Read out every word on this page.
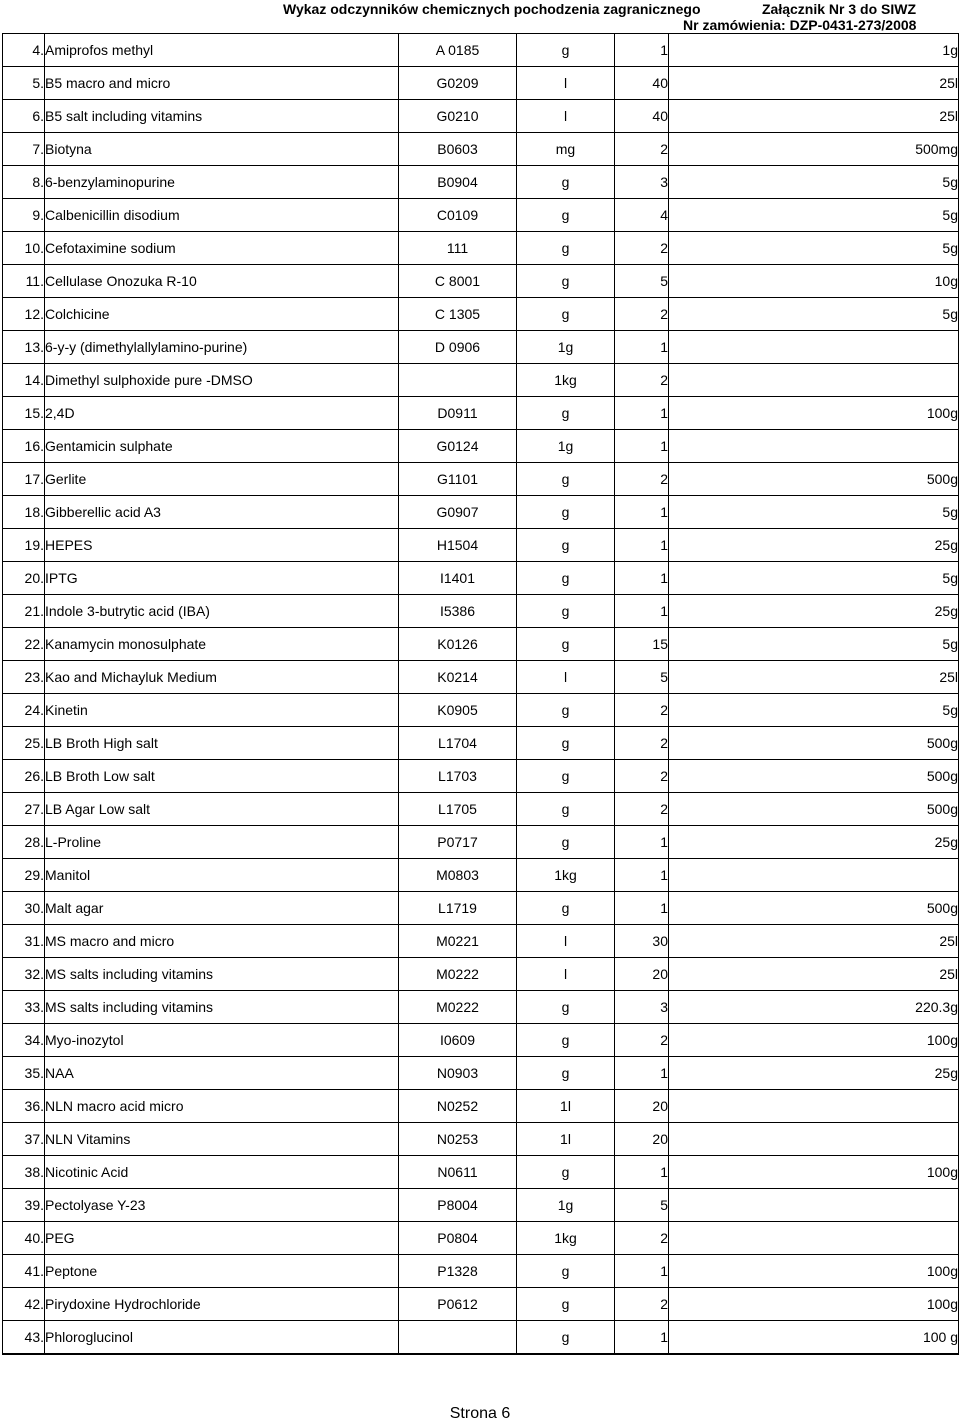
Wykaz odczynników chemicznych pochodzenia zagranicznego	Załącznik Nr 3 do SIWZ
Nr zamówienia: DZP-0431-273/2008
4.	Amiprofos methyl	A 0185	g	1	1g
5.	B5 macro and micro	G0209	l	40	25l
6.	B5 salt including vitamins	G0210	l	40	25l
7.	Biotyna	B0603	mg	2	500mg
8.	6-benzylaminopurine	B0904	g	3	5g
9.	Calbenicillin disodium	C0109	g	4	5g
10.	Cefotaximine sodium	111	g	2	5g
11.	Cellulase Onozuka R-10	C 8001	g	5	10g
12.	Colchicine	C 1305	g	2	5g
13.	6-y-y (dimethylallylamino-purine)	D 0906	1g	1	
14.	Dimethyl sulphoxide pure -DMSO		1kg	2	
15.	2,4D	D0911	g	1	100g
16.	Gentamicin sulphate	G0124	1g	1	
17.	Gerlite	G1101	g	2	500g
18.	Gibberellic acid A3	G0907	g	1	5g
19.	HEPES	H1504	g	1	25g
20.	IPTG	I1401	g	1	5g
21.	Indole 3-butrytic acid (IBA)	I5386	g	1	25g
22.	Kanamycin monosulphate	K0126	g	15	5g
23.	Kao and Michayluk Medium	K0214	l	5	25l
24.	Kinetin	K0905	g	2	5g
25.	LB Broth High salt	L1704	g	2	500g
26.	LB Broth Low salt	L1703	g	2	500g
27.	LB Agar Low salt	L1705	g	2	500g
28.	L-Proline	P0717	g	1	25g
29.	Manitol	M0803	1kg	1	
30.	Malt agar	L1719	g	1	500g
31.	MS macro and micro	M0221	l	30	25l
32.	MS salts including vitamins	M0222	l	20	25l
33.	MS salts including vitamins	M0222	g	3	220.3g
34.	Myo-inozytol	I0609	g	2	100g
35.	NAA	N0903	g	1	25g
36.	NLN macro acid micro	N0252	1l	20	
37.	NLN Vitamins	N0253	1l	20	
38.	Nicotinic Acid	N0611	g	1	100g
39.	Pectolyase Y-23	P8004	1g	5	
40.	PEG	P0804	1kg	2	
41.	Peptone	P1328	g	1	100g
42.	Pirydoxine Hydrochloride	P0612	g	2	100g
43.	Phloroglucinol		g	1	100 g
Strona 6
